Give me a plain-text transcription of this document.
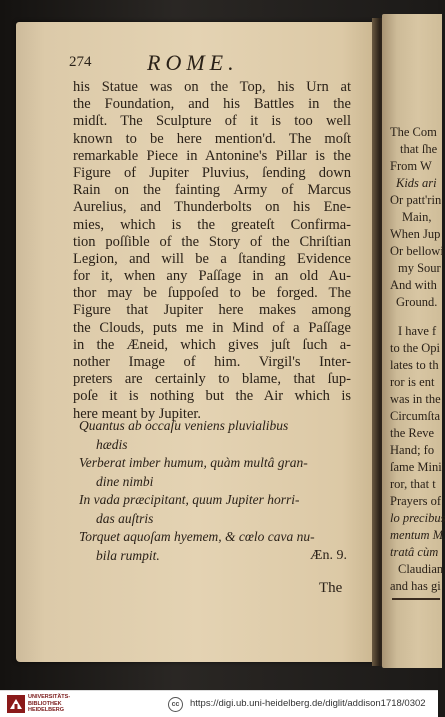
The Com
that ſhe
From W
Kids ari
Or patt'rin
Main,
When Jup
Or bellowi
my Sour
And with
Ground.
I have f
to the Opi
lates to th
ror is ent
was in the
Circumſta
the Reve
Hand; fo
ſame Mini
ror, that t
Prayers of
lo precibus
mentum M
tratâ cùm
Claudian
and has gi
274	ROME.
his Statue was on the Top, his Urn at
the Foundation, and his Battles in the
midſt. The Sculpture of it is too well
known to be here mention'd. The moſt
remarkable Piece in Antonine's Pillar is the
Figure of Jupiter Pluvius, ſending down
Rain on the fainting Army of Marcus
Aurelius, and Thunderbolts on his Ene-
mies, which is the greateſt Confirma-
tion poſſible of the Story of the Chriſtian
Legion, and will be a ſtanding Evidence
for it, when any Paſſage in an old Au-
thor may be ſuppoſed to be forged. The
Figure that Jupiter here makes among
the Clouds, puts me in Mind of a Paſſage
in the Æneid, which gives juſt ſuch a-
nother Image of him. Virgil's Inter-
preters are certainly to blame, that ſup-
poſe it is nothing but the Air which is
here meant by Jupiter.
Quantus ab occaſu veniens pluvialibus
hædis
Verberat imber humum, quàm multâ gran-
dine nimbi
In vada præcipitant, quum Jupiter horri-
das auſtris
Torquet aquoſam hyemem, & cœlo cava nu-
bila rumpit.	Æn. 9.
The
UNIVERSITÄTS-
BIBLIOTHEK
HEIDELBERG
cc	https://digi.ub.uni-heidelberg.de/diglit/addison1718/0302
